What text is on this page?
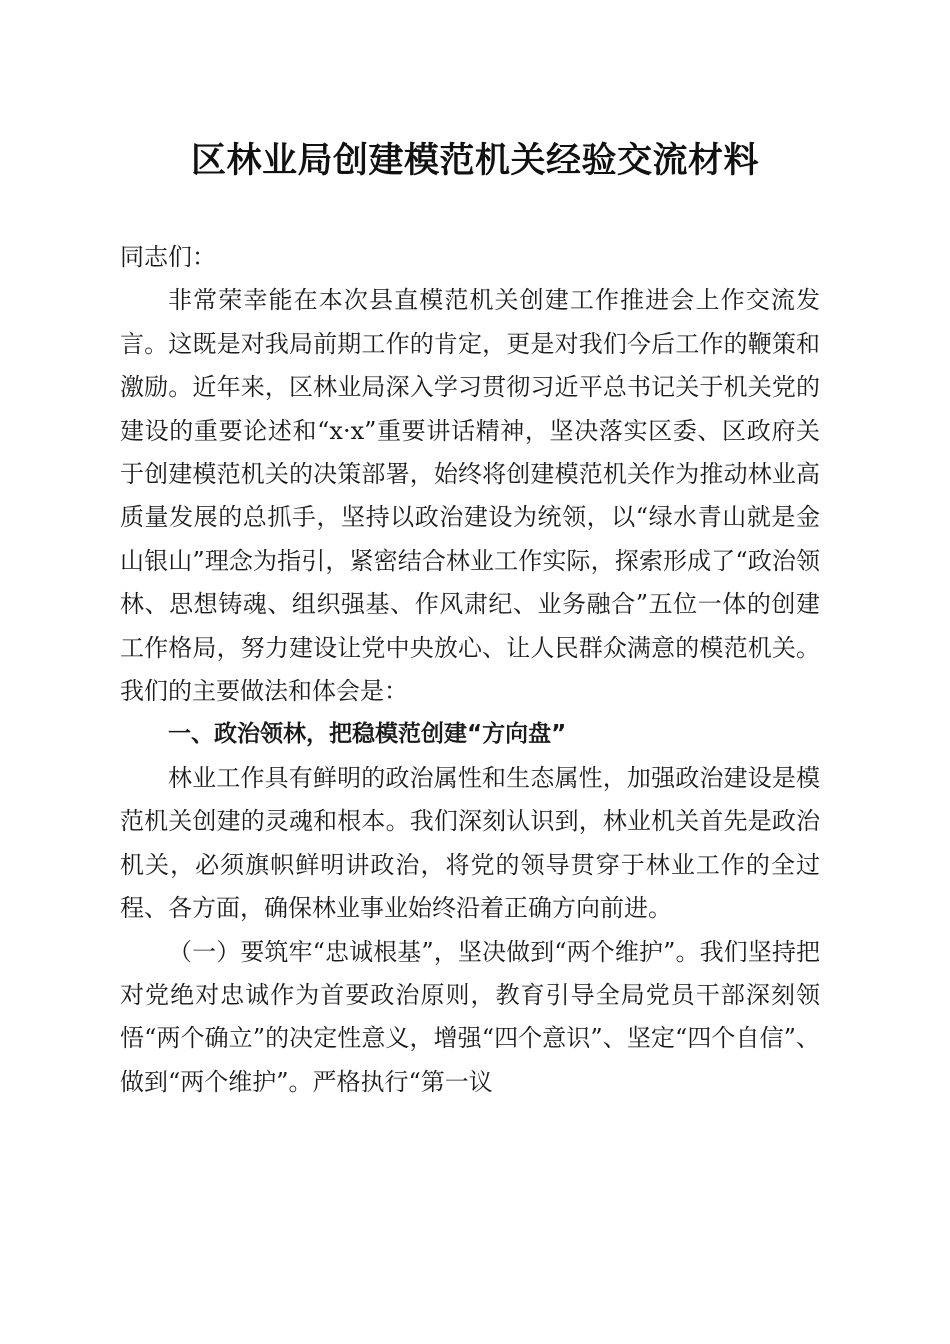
区林业局创建模范机关经验交流材料

同志们：

非常荣幸能在本次县直模范机关创建工作推进会上作交流发言。这既是对我局前期工作的肯定，更是对我们今后工作的鞭策和激励。近年来，区林业局深入学习贯彻习近平总书记关于机关党的建设的重要论述和“x·x”重要讲话精神，坚决落实区委、区政府关于创建模范机关的决策部署，始终将创建模范机关作为推动林业高质量发展的总抓手，坚持以政治建设为统领，以“绿水青山就是金山银山”理念为指引，紧密结合林业工作实际，探索形成了“政治领林、思想铸魂、组织强基、作风肃纪、业务融合”五位一体的创建工作格局，努力建设让党中央放心、让人民群众满意的模范机关。我们的主要做法和体会是：

一、政治领林，把稳模范创建“方向盘”

林业工作具有鲜明的政治属性和生态属性，加强政治建设是模范机关创建的灵魂和根本。我们深刻认识到，林业机关首先是政治机关，必须旗帜鲜明讲政治，将党的领导贯穿于林业工作的全过程、各方面，确保林业事业始终沿着正确方向前进。

（一）要筑牢“忠诚根基”，坚决做到“两个维护”。我们坚持把对党绝对忠诚作为首要政治原则，教育引导全局党员干部深刻领悟“两个确立”的决定性意义，增强“四个意识”、坚定“四个自信”、做到“两个维护”。严格执行“第一议
